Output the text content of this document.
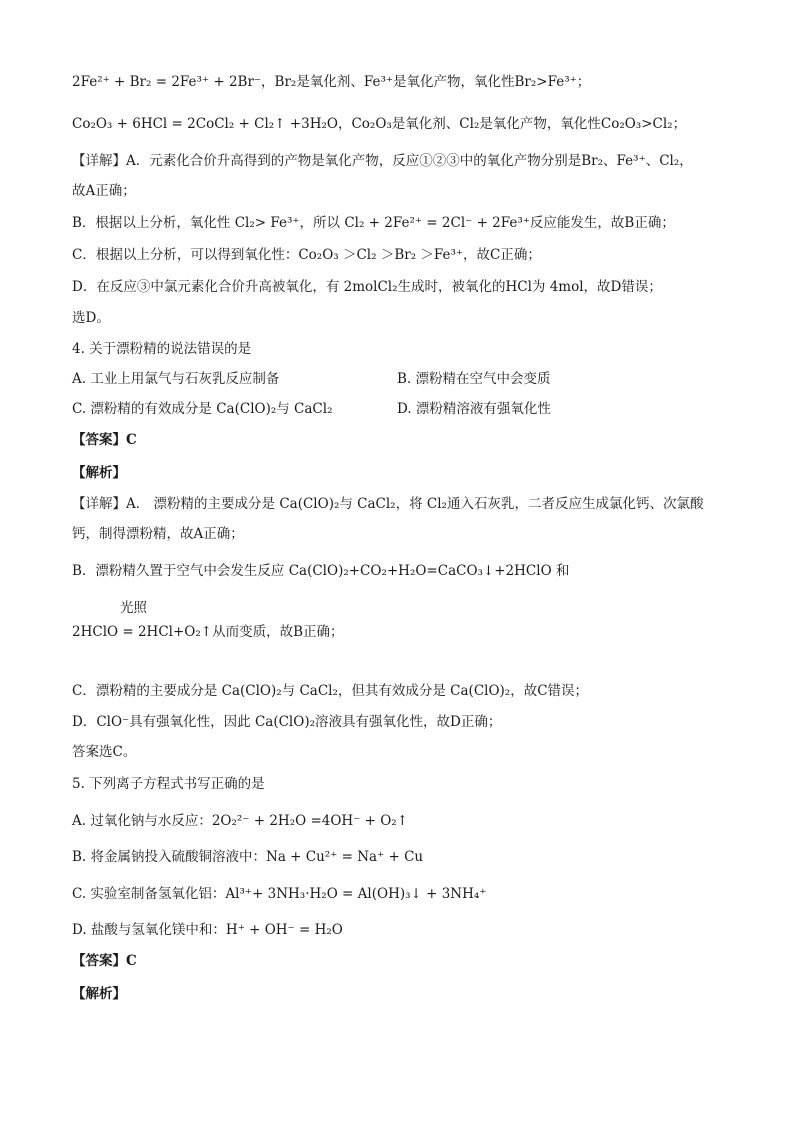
2Fe²⁺ + Br₂ = 2Fe³⁺ + 2Br⁻，Br₂是氧化剂、Fe³⁺是氧化产物，氧化性Br₂>Fe³⁺；
Co₂O₃ + 6HCl = 2CoCl₂ + Cl₂↑ +3H₂O，Co₂O₃是氧化剂、Cl₂是氧化产物，氧化性Co₂O₃>Cl₂；
【详解】A．元素化合价升高得到的产物是氧化产物，反应①②③中的氧化产物分别是Br₂、Fe³⁺、Cl₂，
故A正确；
B．根据以上分析，氧化性 Cl₂> Fe³⁺，所以 Cl₂ + 2Fe²⁺ = 2Cl⁻ + 2Fe³⁺反应能发生，故B正确；
C．根据以上分析，可以得到氧化性：Co₂O₃ ＞Cl₂ ＞Br₂ ＞Fe³⁺，故C正确；
D．在反应③中氯元素化合价升高被氧化，有 2molCl₂生成时，被氧化的HCl为 4mol，故D错误；
选D。
4. 关于漂粉精的说法错误的是
A. 工业上用氯气与石灰乳反应制备	B. 漂粉精在空气中会变质
C. 漂粉精的有效成分是 Ca(ClO)₂与 CaCl₂	D. 漂粉精溶液有强氧化性
【答案】C
【解析】
【详解】A． 漂粉精的主要成分是 Ca(ClO)₂与 CaCl₂，将 Cl₂通入石灰乳，二者反应生成氯化钙、次氯酸
钙，制得漂粉精，故A正确；
B．漂粉精久置于空气中会发生反应 Ca(ClO)₂+CO₂+H₂O=CaCO₃↓+2HClO 和
光照
2HClO = 2HCl+O₂↑从而变质，故B正确；
C．漂粉精的主要成分是 Ca(ClO)₂与 CaCl₂，但其有效成分是 Ca(ClO)₂，故C错误；
D．ClO⁻具有强氧化性，因此 Ca(ClO)₂溶液具有强氧化性，故D正确；
答案选C。
5. 下列离子方程式书写正确的是
A. 过氧化钠与水反应：2O₂²⁻ + 2H₂O =4OH⁻ + O₂↑
B. 将金属钠投入硫酸铜溶液中：Na + Cu²⁺ = Na⁺ + Cu
C. 实验室制备氢氧化铝：Al³⁺+ 3NH₃·H₂O = Al(OH)₃↓ + 3NH₄⁺
D. 盐酸与氢氧化镁中和：H⁺ + OH⁻ = H₂O
【答案】C
【解析】
